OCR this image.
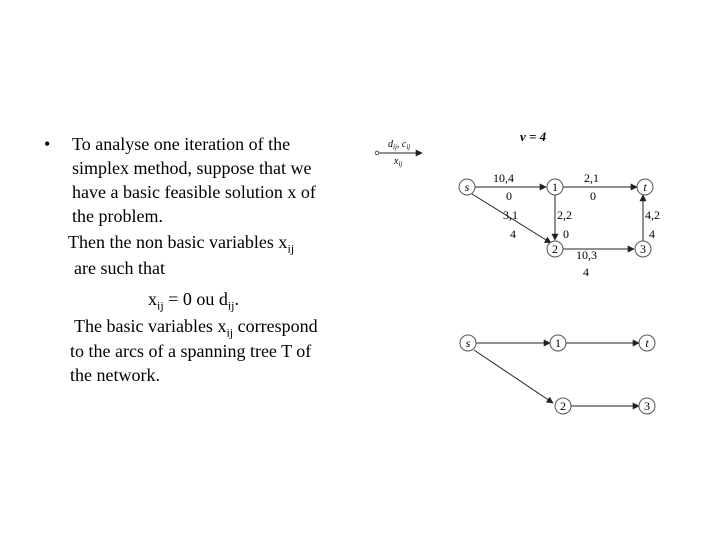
• To analyse one iteration of the
simplex method, suppose that we
have a basic feasible solution x of
the problem.
Then the non basic variables $x_{ij}$
are such that
$x_{ij} = 0$ ou $d_{ij}$.
The basic variables $x_{ij}$ correspond
to the arcs of a spanning tree T of
the network.
$d_{ij}$, $c_{ij}$
$x_{ij}$
v = 4
10,4
0
2,1
0
3,1
4
2,2
0
4,2
4
10,3
4
s	1	t
2	3
s	1	t
2	3
